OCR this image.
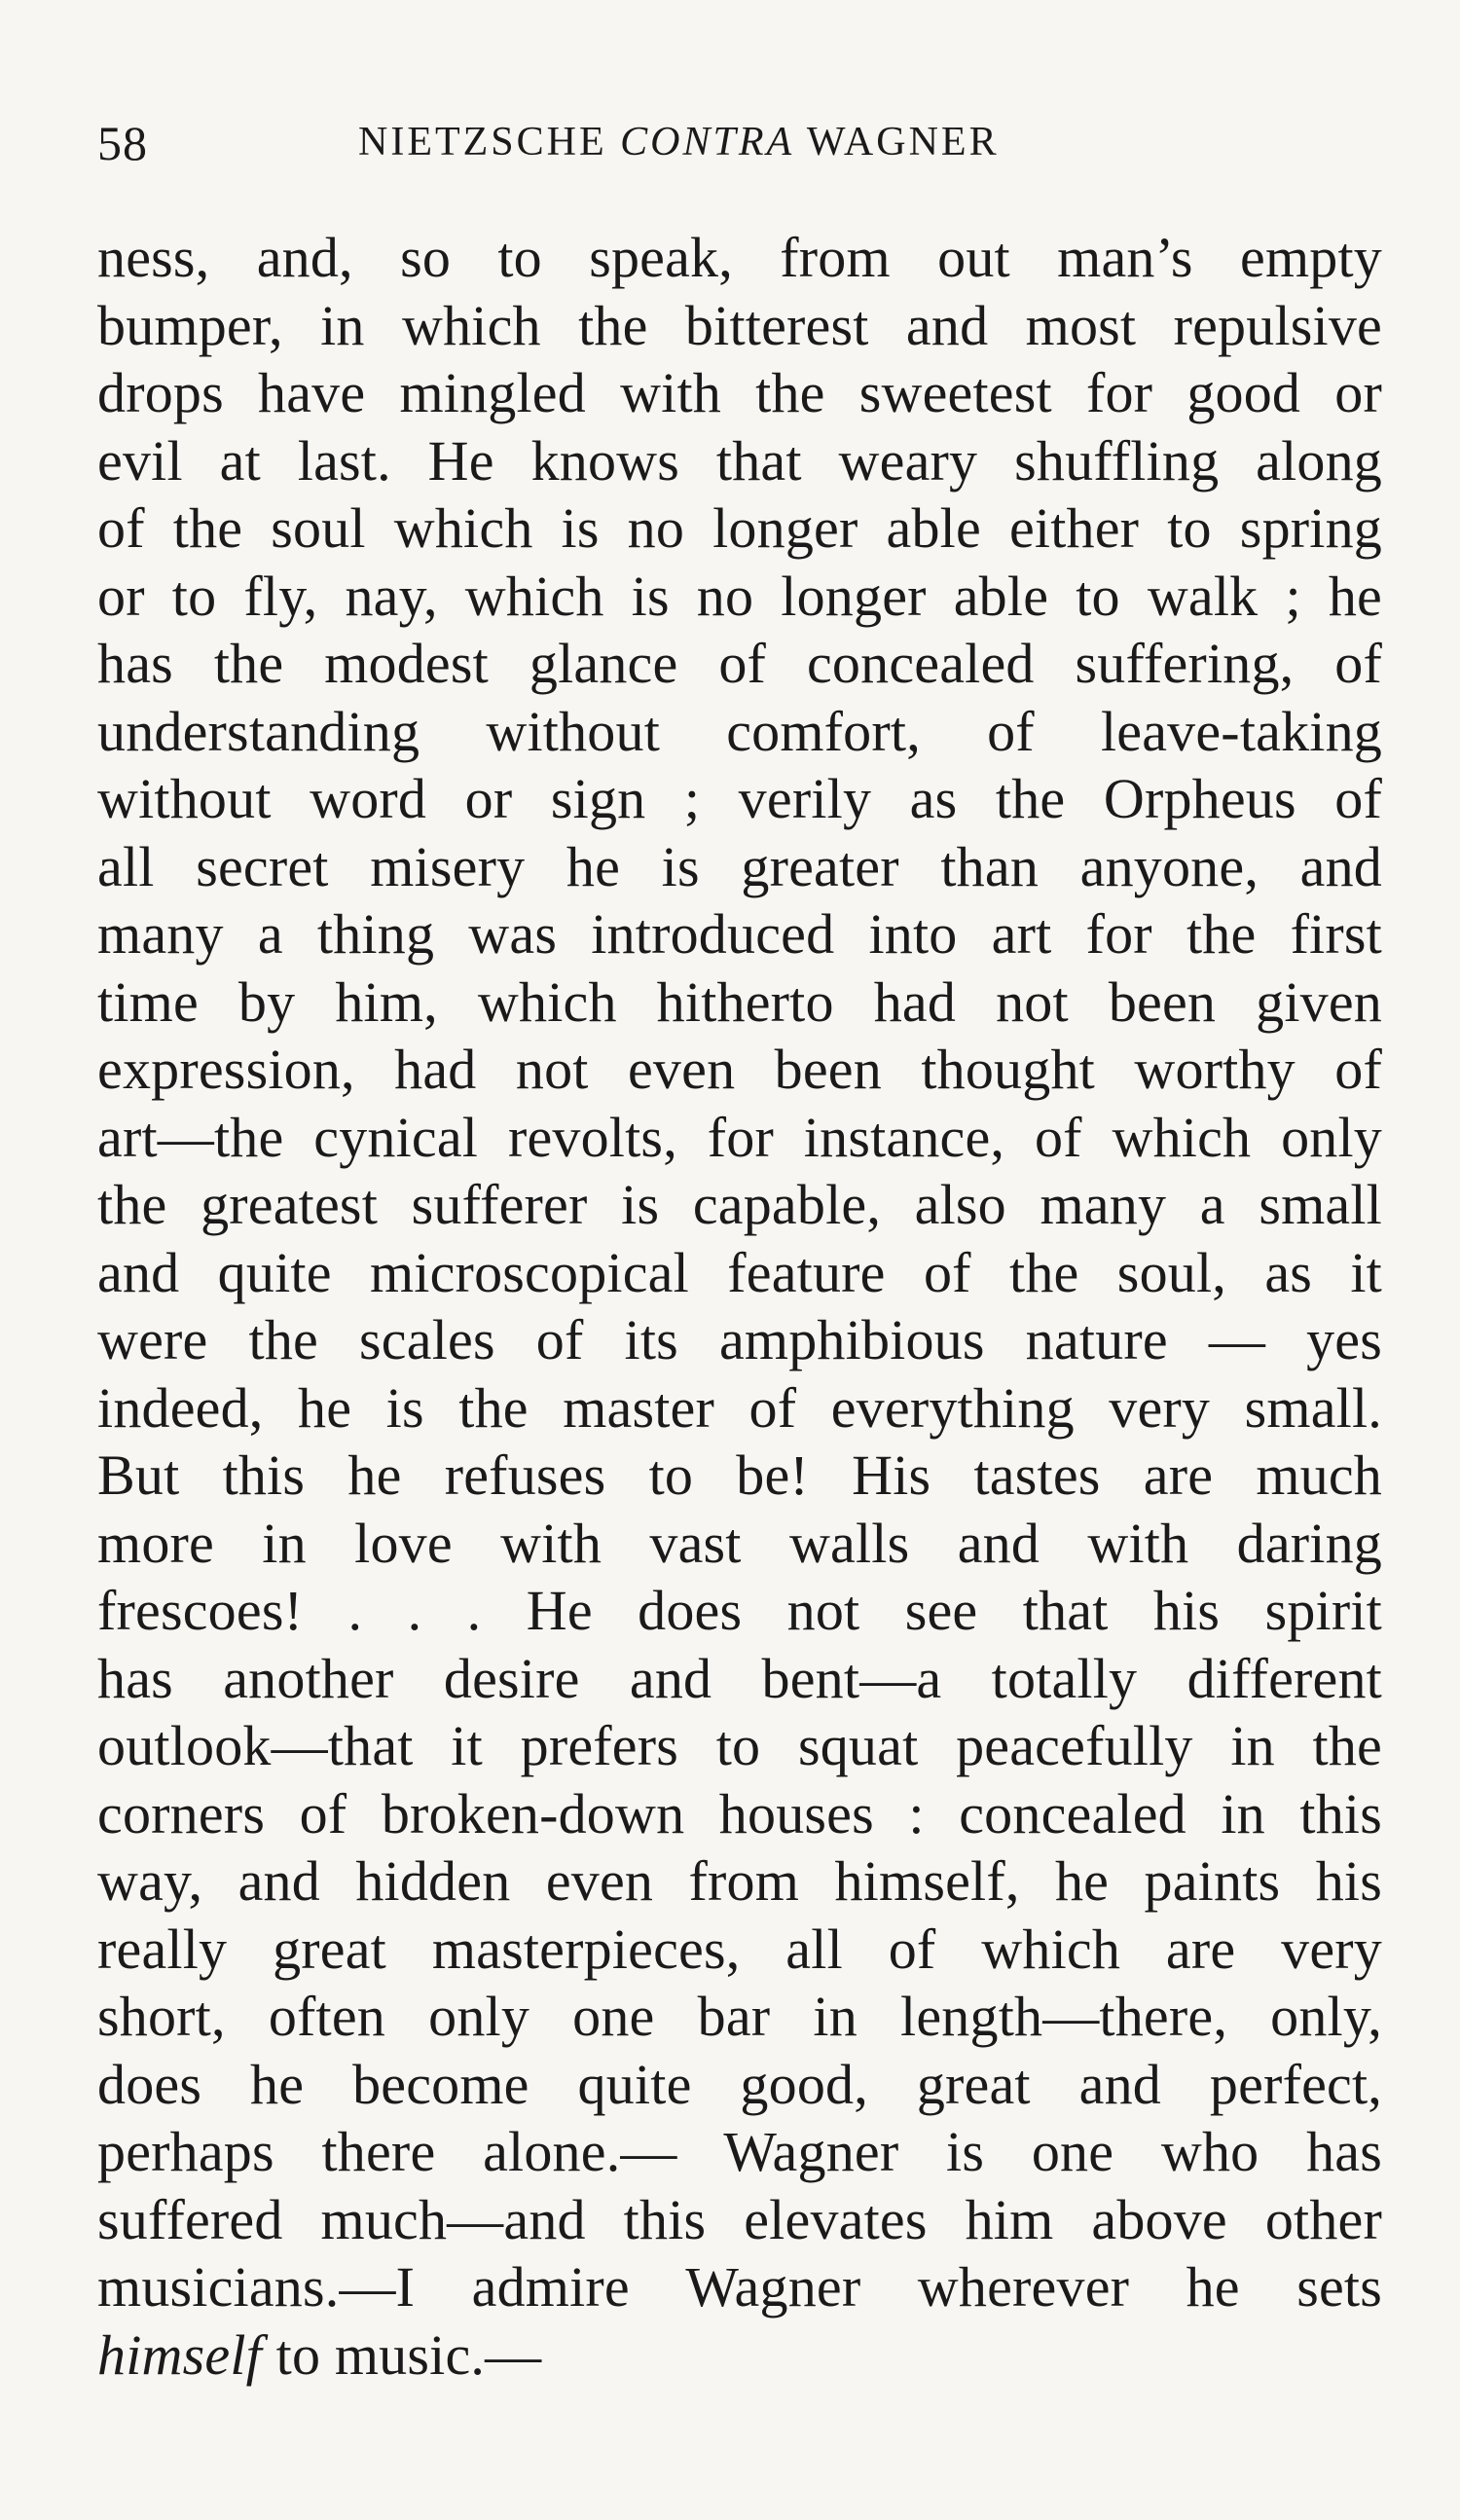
58	NIETZSCHE CONTRA WAGNER
ness, and, so to speak, from out man’s empty
bumper, in which the bitterest and most repulsive
drops have mingled with the sweetest for good or
evil at last. He knows that weary shuffling along
of the soul which is no longer able either to spring
or to fly, nay, which is no longer able to walk ; he
has the modest glance of concealed suffering, of
understanding without comfort, of leave-taking
without word or sign ; verily as the Orpheus of
all secret misery he is greater than anyone, and
many a thing was introduced into art for the first
time by him, which hitherto had not been given
expression, had not even been thought worthy of
art—the cynical revolts, for instance, of which only
the greatest sufferer is capable, also many a small
and quite microscopical feature of the soul, as it
were the scales of its amphibious nature — yes
indeed, he is the master of everything very small.
But this he refuses to be! His tastes are much
more in love with vast walls and with daring
frescoes! . . . He does not see that his spirit
has another desire and bent—a totally different
outlook—that it prefers to squat peacefully in the
corners of broken-down houses : concealed in this
way, and hidden even from himself, he paints his
really great masterpieces, all of which are very
short, often only one bar in length—there, only,
does he become quite good, great and perfect,
perhaps there alone.— Wagner is one who has
suffered much—and this elevates him above other
musicians.—I admire Wagner wherever he sets
himself to music.—
